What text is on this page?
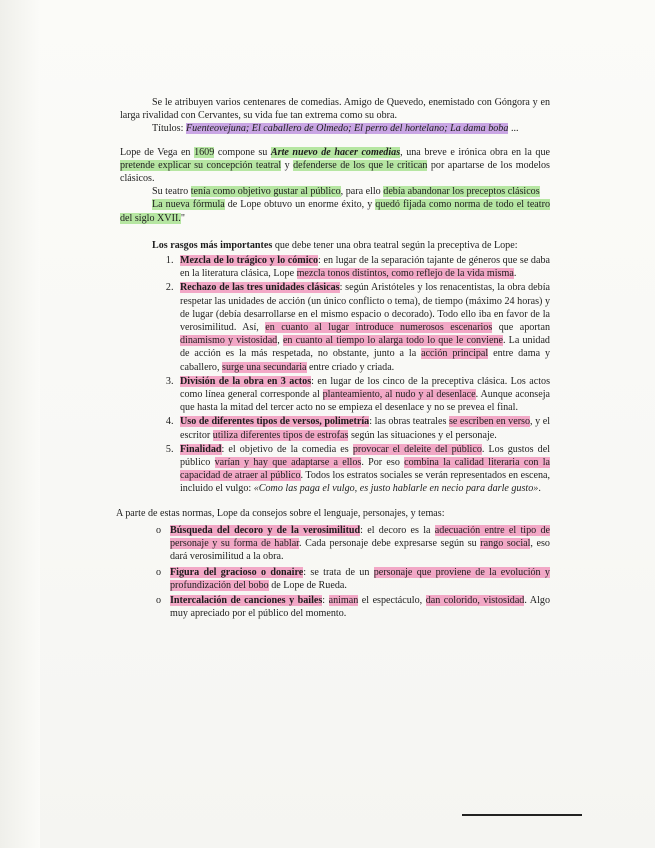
Se le atribuyen varios centenares de comedias. Amigo de Quevedo, enemistado con Góngora y en larga rivalidad con Cervantes, su vida fue tan extrema como su obra.

Títulos: Fuenteovejuna; El caballero de Olmedo; El perro del hortelano; La dama boba ...

Lope de Vega en 1609 compone su Arte nuevo de hacer comedias, una breve e irónica obra en la que pretende explicar su concepción teatral y defenderse de los que le critican por apartarse de los modelos clásicos.

Su teatro tenía como objetivo gustar al público, para ello debía abandonar los preceptos clásicos

La nueva fórmula de Lope obtuvo un enorme éxito, y quedó fijada como norma de todo el teatro del siglo XVII."

Los rasgos más importantes que debe tener una obra teatral según la preceptiva de Lope:

1. Mezcla de lo trágico y lo cómico: en lugar de la separación tajante de géneros que se daba en la literatura clásica, Lope mezcla tonos distintos, como reflejo de la vida misma.
2. Rechazo de las tres unidades clásicas: según Aristóteles y los renacentistas, la obra debía respetar las unidades de acción (un único conflicto o tema), de tiempo (máximo 24 horas) y de lugar (debía desarrollarse en el mismo espacio o decorado). Todo ello iba en favor de la verosimilitud. Así, en cuanto al lugar introduce numerosos escenarios que aportan dinamismo y vistosidad, en cuanto al tiempo lo alarga todo lo que le conviene. La unidad de acción es la más respetada, no obstante, junto a la acción principal entre dama y caballero, surge una secundaria entre criado y criada.
3. División de la obra en 3 actos: en lugar de los cinco de la preceptiva clásica. Los actos como línea general corresponde al planteamiento, al nudo y al desenlace. Aunque aconseja que hasta la mitad del tercer acto no se empieza el desenlace y no se prevea el final.
4. Uso de diferentes tipos de versos, polimetría: las obras teatrales se escriben en verso, y el escritor utiliza diferentes tipos de estrofas según las situaciones y el personaje.
5. Finalidad: el objetivo de la comedia es provocar el deleite del público. Los gustos del público varían y hay que adaptarse a ellos. Por eso combina la calidad literaria con la capacidad de atraer al público. Todos los estratos sociales se verán representados en escena, incluido el vulgo: «Como las paga el vulgo, es justo hablarle en necio para darle gusto».

A parte de estas normas, Lope da consejos sobre el lenguaje, personajes, y temas:

o Búsqueda del decoro y de la verosimilitud: el decoro es la adecuación entre el tipo de personaje y su forma de hablar. Cada personaje debe expresarse según su rango social, eso dará verosimilitud a la obra.
o Figura del gracioso o donaire: se trata de un personaje que proviene de la evolución y profundización del bobo de Lope de Rueda.
o Intercalación de canciones y bailes: animan el espectáculo, dan colorido, vistosidad. Algo muy apreciado por el público del momento.
